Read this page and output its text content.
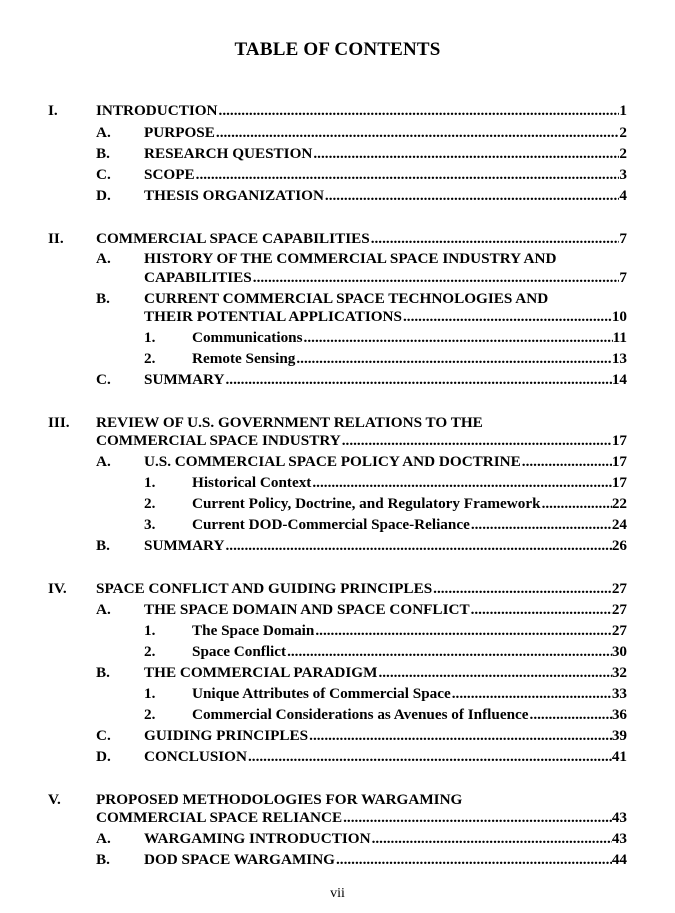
TABLE OF CONTENTS
I.	INTRODUCTION .....	1
A. PURPOSE .....	2
B. RESEARCH QUESTION .....	2
C. SCOPE .....	3
D. THESIS ORGANIZATION .....	4
II. COMMERCIAL SPACE CAPABILITIES .....	7
A. HISTORY OF THE COMMERCIAL SPACE INDUSTRY AND
CAPABILITIES .....	7
B. CURRENT COMMERCIAL SPACE TECHNOLOGIES AND
THEIR POTENTIAL APPLICATIONS .....	10
1. Communications .....	11
2. Remote Sensing .....	13
C. SUMMARY .....	14
III. REVIEW OF U.S. GOVERNMENT RELATIONS TO THE
COMMERCIAL SPACE INDUSTRY .....	17
A. U.S. COMMERCIAL SPACE POLICY AND DOCTRINE .....	17
1. Historical Context .....	17
2. Current Policy, Doctrine, and Regulatory Framework .....	22
3. Current DOD-Commercial Space-Reliance .....	24
B. SUMMARY .....	26
IV. SPACE CONFLICT AND GUIDING PRINCIPLES .....	27
A. THE SPACE DOMAIN AND SPACE CONFLICT .....	27
1. The Space Domain .....	27
2. Space Conflict .....	30
B. THE COMMERCIAL PARADIGM .....	32
1. Unique Attributes of Commercial Space .....	33
2. Commercial Considerations as Avenues of Influence .....	36
C. GUIDING PRINCIPLES .....	39
D. CONCLUSION .....	41
V. PROPOSED METHODOLOGIES FOR WARGAMING
COMMERCIAL SPACE RELIANCE .....	43
A. WARGAMING INTRODUCTION .....	43
B. DOD SPACE WARGAMING .....	44
vii
